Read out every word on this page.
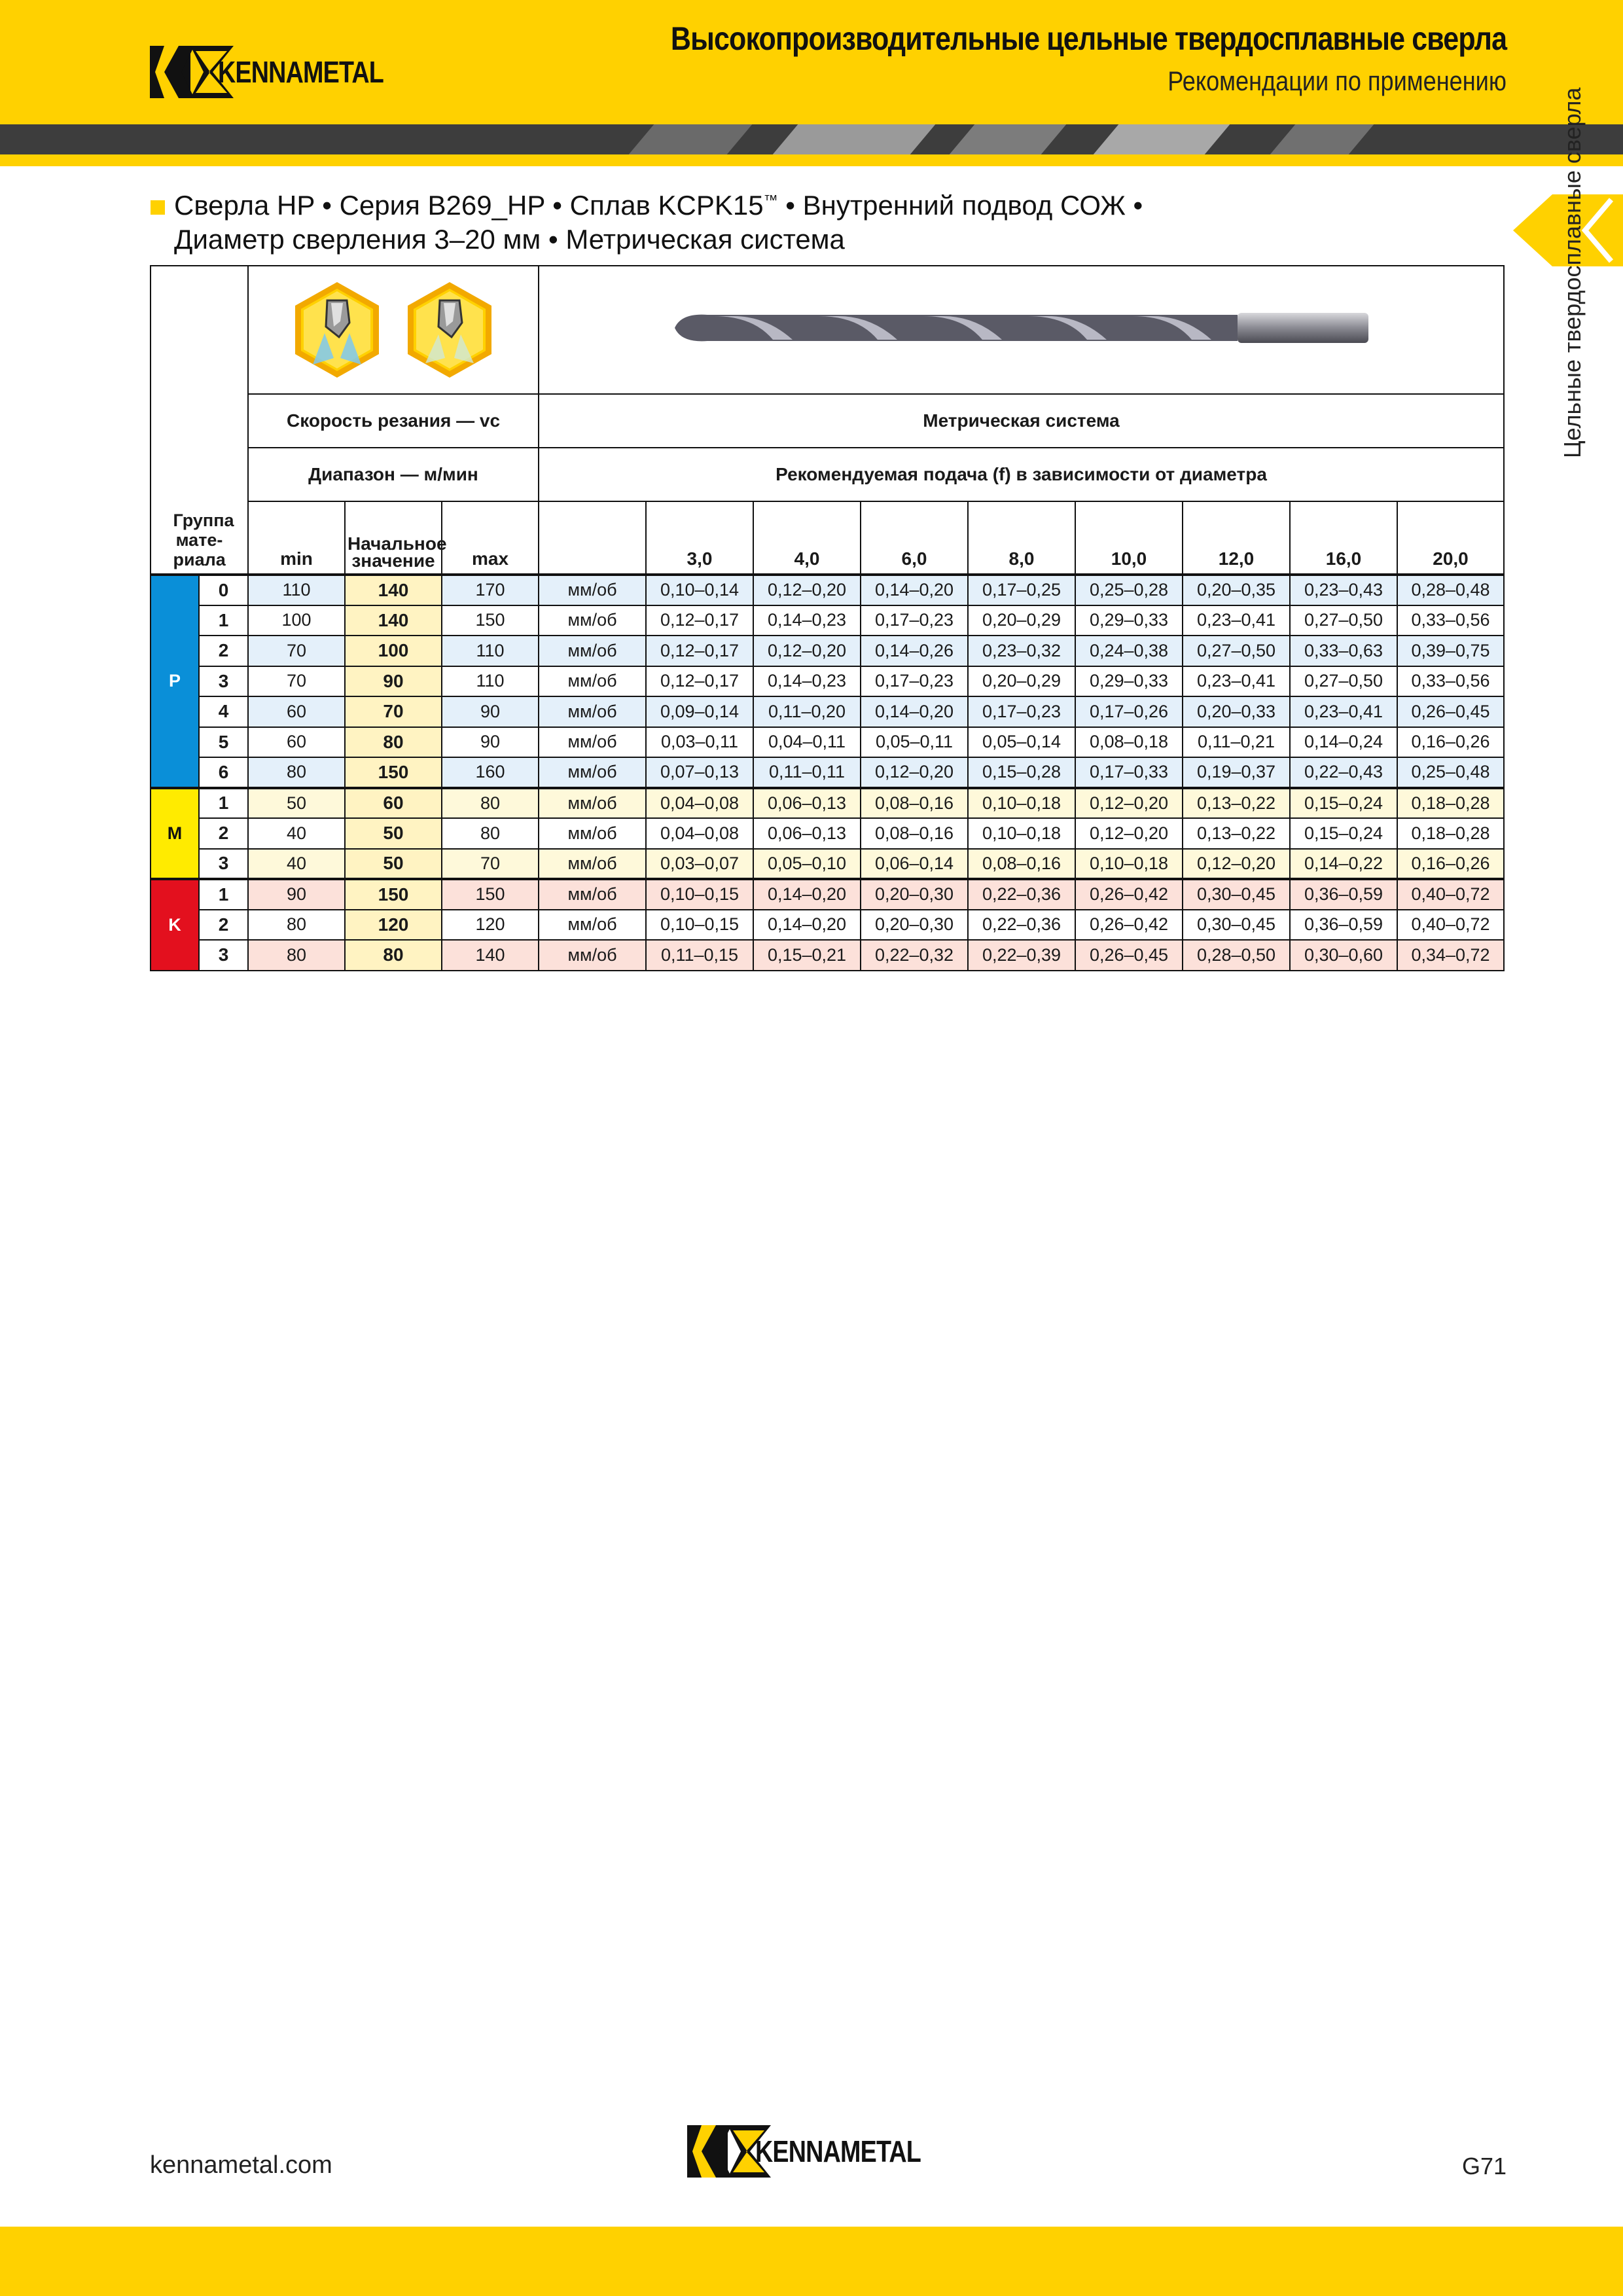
KENNAMETAL
Высокопроизводительные цельные твердосплавные сверла
Рекомендации по применению
Цельные твердосплавные сверла
Сверла HP • Серия B269_HP • Сплав KCPK15™ • Внутренний подвод СОЖ •
Диаметр сверления 3–20 мм • Метрическая система
Группа мате-риала

		Скорость резания — vc			Метрическая система								
		Диапазон — м/мин			Рекомендуемая подача (f) в зависимости от диаметра								
		min	Начальное значение	max		3,0	4,0	6,0	8,0	10,0	12,0	16,0	20,0
P	0	110	140	170	мм/об	0,10–0,14	0,12–0,20	0,14–0,20	0,17–0,25	0,25–0,28	0,20–0,35	0,23–0,43	0,28–0,48
	1	100	140	150	мм/об	0,12–0,17	0,14–0,23	0,17–0,23	0,20–0,29	0,29–0,33	0,23–0,41	0,27–0,50	0,33–0,56
	2	70	100	110	мм/об	0,12–0,17	0,12–0,20	0,14–0,26	0,23–0,32	0,24–0,38	0,27–0,50	0,33–0,63	0,39–0,75
	3	70	90	110	мм/об	0,12–0,17	0,14–0,23	0,17–0,23	0,20–0,29	0,29–0,33	0,23–0,41	0,27–0,50	0,33–0,56
	4	60	70	90	мм/об	0,09–0,14	0,11–0,20	0,14–0,20	0,17–0,23	0,17–0,26	0,20–0,33	0,23–0,41	0,26–0,45
	5	60	80	90	мм/об	0,03–0,11	0,04–0,11	0,05–0,11	0,05–0,14	0,08–0,18	0,11–0,21	0,14–0,24	0,16–0,26
	6	80	150	160	мм/об	0,07–0,13	0,11–0,11	0,12–0,20	0,15–0,28	0,17–0,33	0,19–0,37	0,22–0,43	0,25–0,48
M	1	50	60	80	мм/об	0,04–0,08	0,06–0,13	0,08–0,16	0,10–0,18	0,12–0,20	0,13–0,22	0,15–0,24	0,18–0,28
	2	40	50	80	мм/об	0,04–0,08	0,06–0,13	0,08–0,16	0,10–0,18	0,12–0,20	0,13–0,22	0,15–0,24	0,18–0,28
	3	40	50	70	мм/об	0,03–0,07	0,05–0,10	0,06–0,14	0,08–0,16	0,10–0,18	0,12–0,20	0,14–0,22	0,16–0,26
K	1	90	150	150	мм/об	0,10–0,15	0,14–0,20	0,20–0,30	0,22–0,36	0,26–0,42	0,30–0,45	0,36–0,59	0,40–0,72
	2	80	120	120	мм/об	0,10–0,15	0,14–0,20	0,20–0,30	0,22–0,36	0,26–0,42	0,30–0,45	0,36–0,59	0,40–0,72
	3	80	80	140	мм/об	0,11–0,15	0,15–0,21	0,22–0,32	0,22–0,39	0,26–0,45	0,28–0,50	0,30–0,60	0,34–0,72
kennametal.com	KENNAMETAL	G71
